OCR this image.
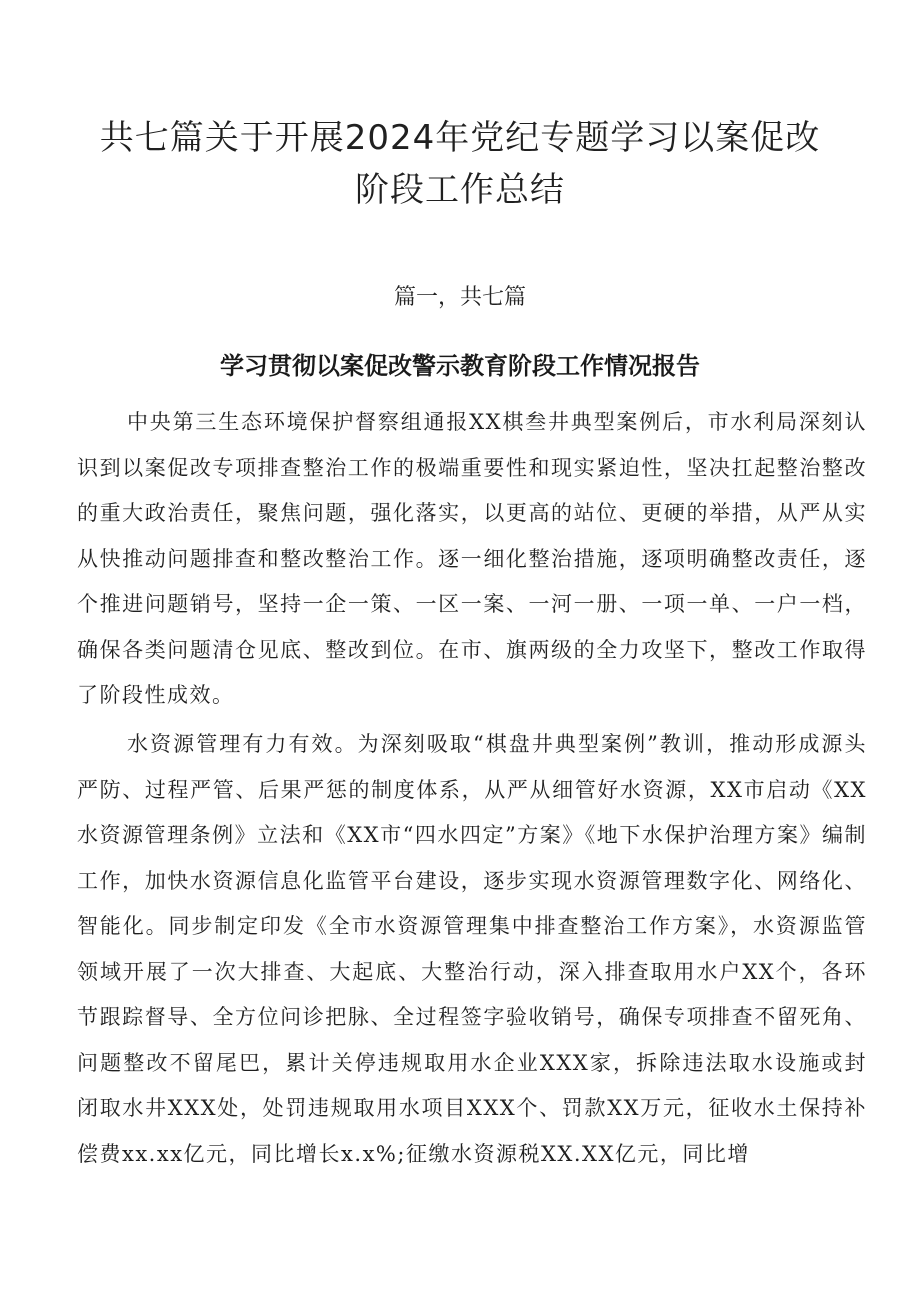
共七篇关于开展2024年党纪专题学习以案促改阶段工作总结

篇一，共七篇

学习贯彻以案促改警示教育阶段工作情况报告

中央第三生态环境保护督察组通报XX棋叁井典型案例后，市水利局深刻认识到以案促改专项排查整治工作的极端重要性和现实紧迫性，坚决扛起整治整改的重大政治责任，聚焦问题，强化落实，以更高的站位、更硬的举措，从严从实从快推动问题排查和整改整治工作。逐一细化整治措施，逐项明确整改责任，逐个推进问题销号，坚持一企一策、一区一案、一河一册、一项一单、一户一档，确保各类问题清仓见底、整改到位。在市、旗两级的全力攻坚下，整改工作取得了阶段性成效。

水资源管理有力有效。为深刻吸取“棋盘井典型案例”教训，推动形成源头严防、过程严管、后果严惩的制度体系，从严从细管好水资源，XX市启动《XX水资源管理条例》立法和《XX市“四水四定”方案》《地下水保护治理方案》编制工作，加快水资源信息化监管平台建设，逐步实现水资源管理数字化、网络化、智能化。同步制定印发《全市水资源管理集中排查整治工作方案》，水资源监管领域开展了一次大排查、大起底、大整治行动，深入排查取用水户XX个，各环节跟踪督导、全方位问诊把脉、全过程签字验收销号，确保专项排查不留死角、问题整改不留尾巴，累计关停违规取用水企业XXX家，拆除违法取水设施或封闭取水井XXX处，处罚违规取用水项目XXX个、罚款XX万元，征收水土保持补偿费xx.xx亿元，同比增长x.x%;征缴水资源税XX.XX亿元，同比增
